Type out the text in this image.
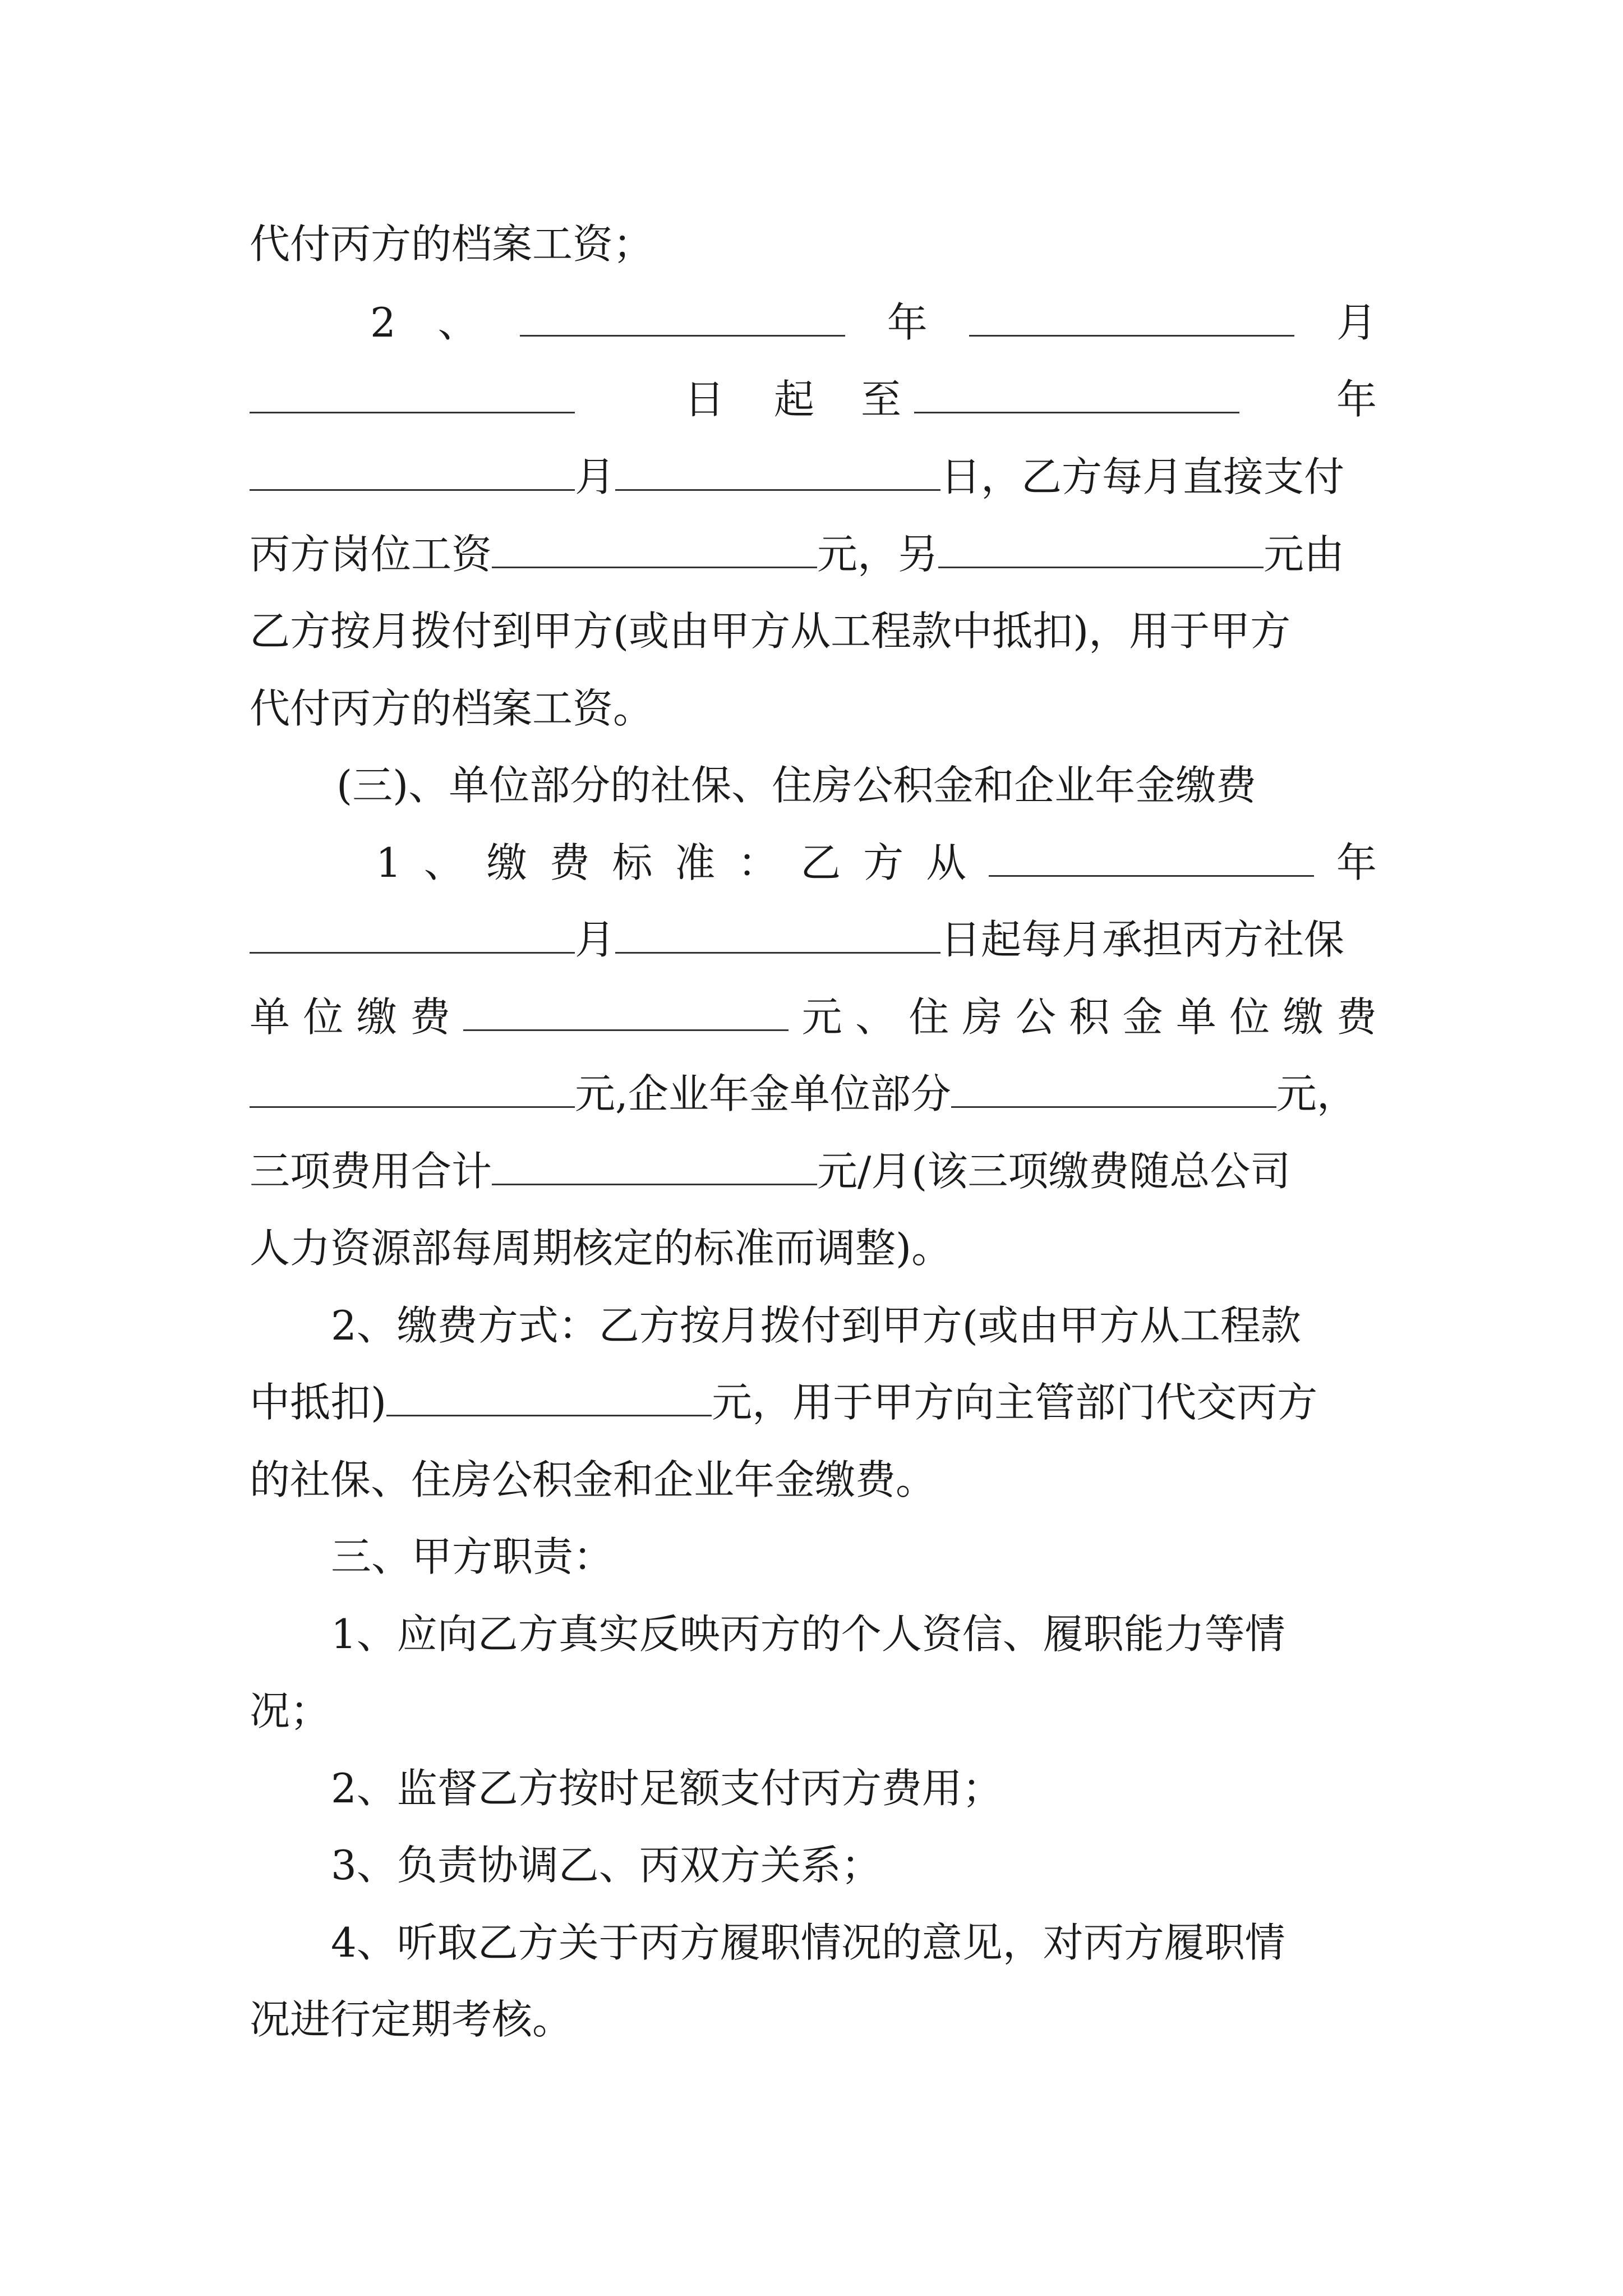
代付丙方的档案工资；
2 、	年	月
日 起 至	年
月	日，乙方每月直接支付
丙方岗位工资	元，另	元由
乙方按月拨付到甲方(或由甲方从工程款中抵扣)，用于甲方
代付丙方的档案工资。
(三)、单位部分的社保、住房公积金和企业年金缴费
1 、 缴 费 标 准 ： 乙 方 从	年
月	日起每月承担丙方社保
单 位 缴 费	元 、 住 房 公 积 金 单 位 缴 费
元,企业年金单位部分	元，
三项费用合计	元/月(该三项缴费随总公司
人力资源部每周期核定的标准而调整)。
2、缴费方式：乙方按月拨付到甲方(或由甲方从工程款
中抵扣)	元，用于甲方向主管部门代交丙方
的社保、住房公积金和企业年金缴费。
三、甲方职责：
1、应向乙方真实反映丙方的个人资信、履职能力等情
况；
2、监督乙方按时足额支付丙方费用；
3、负责协调乙、丙双方关系；
4、听取乙方关于丙方履职情况的意见，对丙方履职情
况进行定期考核。
